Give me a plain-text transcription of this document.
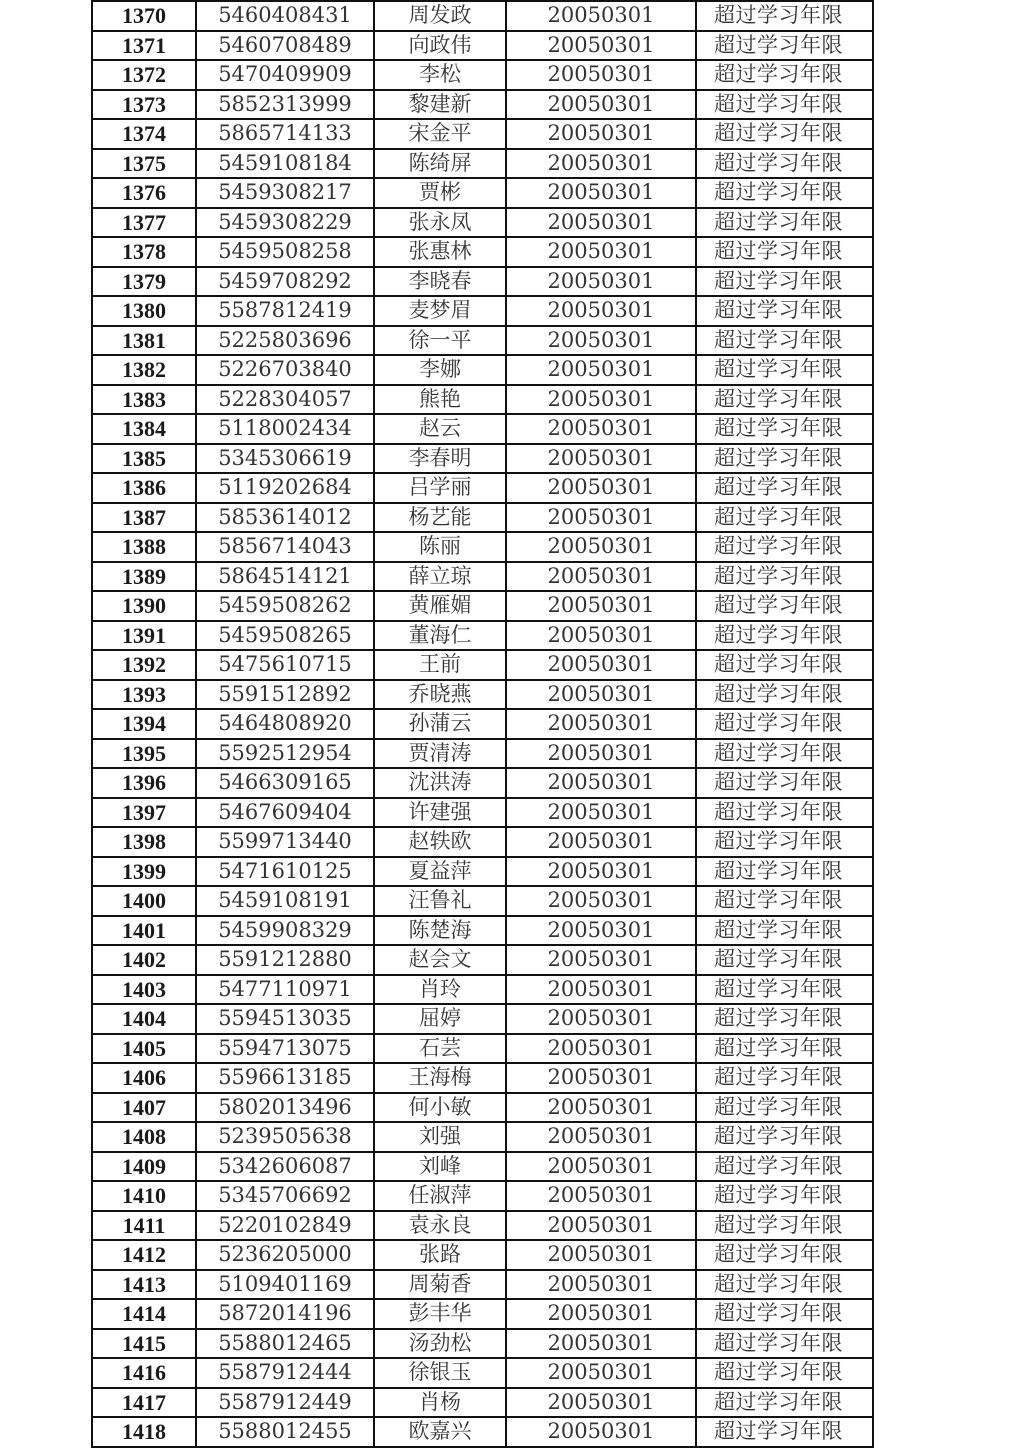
1370	5460408431	周发政	20050301	超过学习年限
1371	5460708489	向政伟	20050301	超过学习年限
1372	5470409909	李松	20050301	超过学习年限
1373	5852313999	黎建新	20050301	超过学习年限
1374	5865714133	宋金平	20050301	超过学习年限
1375	5459108184	陈绮屏	20050301	超过学习年限
1376	5459308217	贾彬	20050301	超过学习年限
1377	5459308229	张永凤	20050301	超过学习年限
1378	5459508258	张惠林	20050301	超过学习年限
1379	5459708292	李晓春	20050301	超过学习年限
1380	5587812419	麦梦眉	20050301	超过学习年限
1381	5225803696	徐一平	20050301	超过学习年限
1382	5226703840	李娜	20050301	超过学习年限
1383	5228304057	熊艳	20050301	超过学习年限
1384	5118002434	赵云	20050301	超过学习年限
1385	5345306619	李春明	20050301	超过学习年限
1386	5119202684	吕学丽	20050301	超过学习年限
1387	5853614012	杨艺能	20050301	超过学习年限
1388	5856714043	陈丽	20050301	超过学习年限
1389	5864514121	薛立琼	20050301	超过学习年限
1390	5459508262	黄雁媚	20050301	超过学习年限
1391	5459508265	董海仁	20050301	超过学习年限
1392	5475610715	王前	20050301	超过学习年限
1393	5591512892	乔晓燕	20050301	超过学习年限
1394	5464808920	孙蒲云	20050301	超过学习年限
1395	5592512954	贾清涛	20050301	超过学习年限
1396	5466309165	沈洪涛	20050301	超过学习年限
1397	5467609404	许建强	20050301	超过学习年限
1398	5599713440	赵轶欧	20050301	超过学习年限
1399	5471610125	夏益萍	20050301	超过学习年限
1400	5459108191	汪鲁礼	20050301	超过学习年限
1401	5459908329	陈楚海	20050301	超过学习年限
1402	5591212880	赵会文	20050301	超过学习年限
1403	5477110971	肖玲	20050301	超过学习年限
1404	5594513035	屈婷	20050301	超过学习年限
1405	5594713075	石芸	20050301	超过学习年限
1406	5596613185	王海梅	20050301	超过学习年限
1407	5802013496	何小敏	20050301	超过学习年限
1408	5239505638	刘强	20050301	超过学习年限
1409	5342606087	刘峰	20050301	超过学习年限
1410	5345706692	任淑萍	20050301	超过学习年限
1411	5220102849	袁永良	20050301	超过学习年限
1412	5236205000	张路	20050301	超过学习年限
1413	5109401169	周菊香	20050301	超过学习年限
1414	5872014196	彭丰华	20050301	超过学习年限
1415	5588012465	汤劲松	20050301	超过学习年限
1416	5587912444	徐银玉	20050301	超过学习年限
1417	5587912449	肖杨	20050301	超过学习年限
1418	5588012455	欧嘉兴	20050301	超过学习年限
